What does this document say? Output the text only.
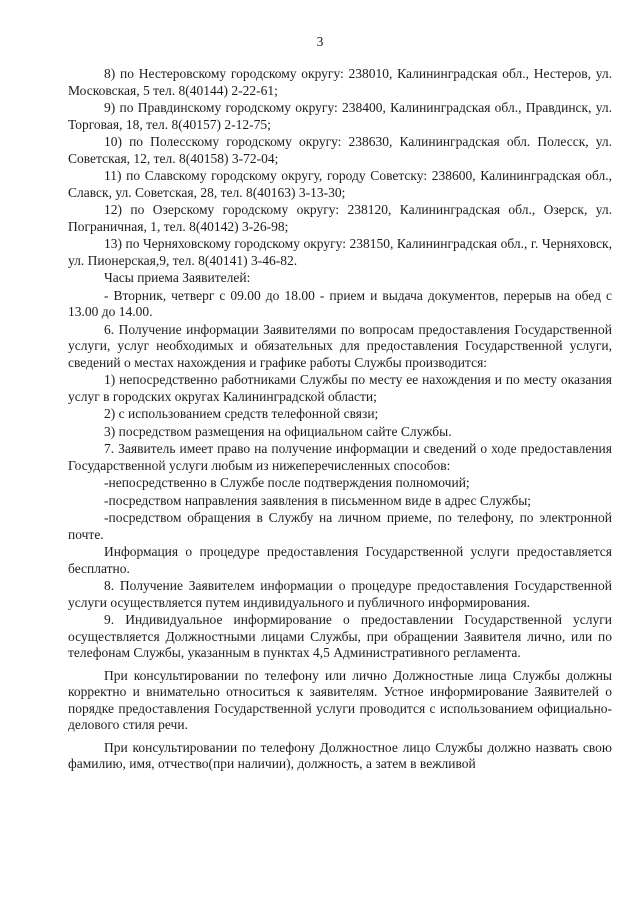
3

8) по Нестеровскому городскому округу: 238010, Калининградская обл., Нестеров, ул. Московская, 5 тел. 8(40144) 2-22-61;

9) по Правдинскому городскому округу: 238400, Калининградская обл., Правдинск, ул. Торговая, 18, тел. 8(40157) 2-12-75;

10) по Полесскому городскому округу: 238630, Калининградская обл. Полесск, ул. Советская, 12, тел. 8(40158) 3-72-04;

11) по Славскому городскому округу, городу Советску: 238600, Калининградская обл., Славск, ул. Советская, 28, тел. 8(40163) 3-13-30;

12) по Озерскому городскому округу: 238120, Калининградская обл., Озерск, ул. Пограничная, 1, тел. 8(40142) 3-26-98;

13) по Черняховскому городскому округу: 238150, Калининградская обл., г. Черняховск, ул. Пионерская,9, тел. 8(40141) 3-46-82.

Часы приема Заявителей:

- Вторник, четверг с 09.00 до 18.00 - прием и выдача документов, перерыв на обед с 13.00 до 14.00.

6. Получение информации Заявителями по вопросам предоставления Государственной услуги, услуг необходимых и обязательных для предоставления Государственной услуги, сведений о местах нахождения и графике работы Службы производится:

1) непосредственно работниками Службы по месту ее нахождения и по месту оказания услуг в городских округах Калининградской области;

2) с использованием средств телефонной связи;

3) посредством размещения на официальном сайте Службы.

7. Заявитель имеет право на получение информации и сведений о ходе предоставления Государственной услуги любым из нижеперечисленных способов:

-непосредственно в Службе после подтверждения полномочий;

-посредством направления заявления в письменном виде в адрес Службы;

-посредством обращения в Службу на личном приеме, по телефону, по электронной почте.

Информация о процедуре предоставления Государственной услуги предоставляется бесплатно.

8. Получение Заявителем информации о процедуре предоставления Государственной услуги осуществляется путем индивидуального и публичного информирования.

9. Индивидуальное информирование о предоставлении Государственной услуги осуществляется Должностными лицами Службы, при обращении Заявителя лично, или по телефонам Службы, указанным в пунктах 4,5 Административного регламента.

При консультировании по телефону или лично Должностные лица Службы должны корректно и внимательно относиться к заявителям. Устное информирование Заявителей о порядке предоставления Государственной услуги проводится с использованием официально-делового стиля речи.

При консультировании по телефону Должностное лицо Службы должно назвать свою фамилию, имя, отчество(при наличии), должность, а затем в вежливой
